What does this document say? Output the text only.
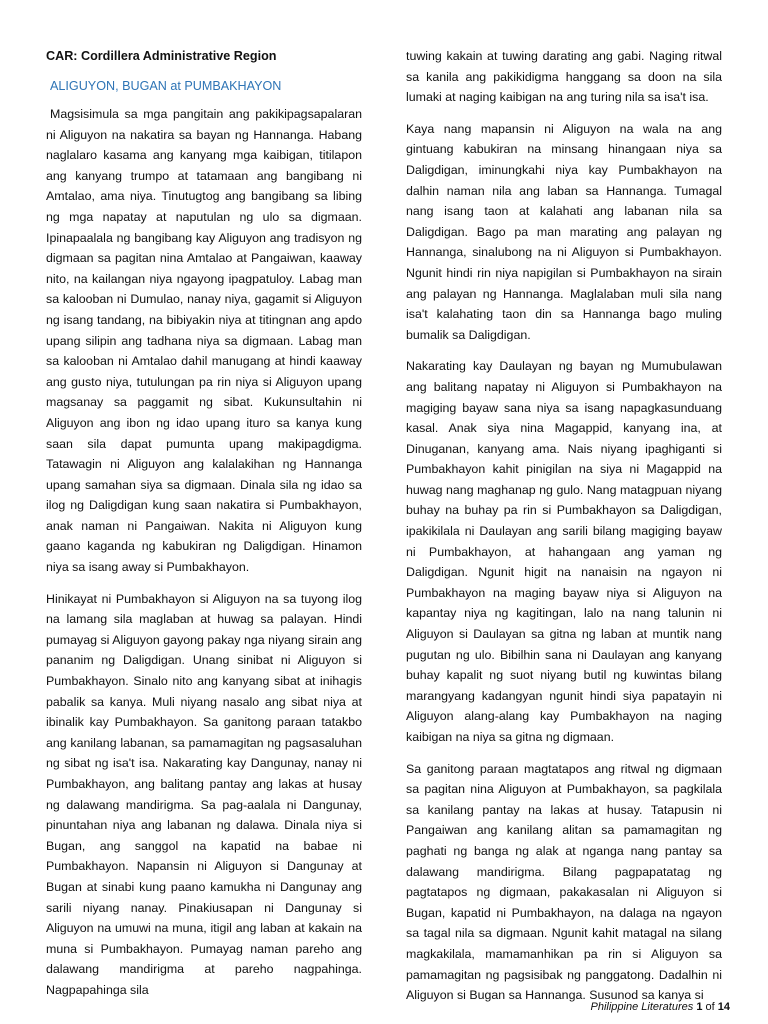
CAR: Cordillera Administrative Region
ALIGUYON, BUGAN at PUMBAKHAYON

Magsisimula sa mga pangitain ang pakikipagsapalaran ni Aliguyon na nakatira sa bayan ng Hannanga. Habang naglalaro kasama ang kanyang mga kaibigan, titilapon ang kanyang trumpo at tatamaan ang bangibang ni Amtalao, ama niya. Tinutugtog ang bangibang sa libing ng mga napatay at naputulan ng ulo sa digmaan. Ipinapaalala ng bangibang kay Aliguyon ang tradisyon ng digmaan sa pagitan nina Amtalao at Pangaiwan, kaaway nito, na kailangan niya ngayong ipagpatuloy. Labag man sa kalooban ni Dumulao, nanay niya, gagamit si Aliguyon ng isang tandang, na bibiyakin niya at titingnan ang apdo upang silipin ang tadhana niya sa digmaan. Labag man sa kalooban ni Amtalao dahil manugang at hindi kaaway ang gusto niya, tutulungan pa rin niya si Aliguyon upang magsanay sa paggamit ng sibat. Kukunsultahin ni Aliguyon ang ibon ng idao upang ituro sa kanya kung saan sila dapat pumunta upang makipagdigma. Tatawagin ni Aliguyon ang kalalakihan ng Hannanga upang samahan siya sa digmaan. Dinala sila ng idao sa ilog ng Daligdigan kung saan nakatira si Pumbakhayon, anak naman ni Pangaiwan. Nakita ni Aliguyon kung gaano kaganda ng kabukiran ng Daligdigan. Hinamon niya sa isang away si Pumbakhayon.

Hinikayat ni Pumbakhayon si Aliguyon na sa tuyong ilog na lamang sila maglaban at huwag sa palayan. Hindi pumayag si Aliguyon gayong pakay nga niyang sirain ang pananim ng Daligdigan. Unang sinibat ni Aliguyon si Pumbakhayon. Sinalo nito ang kanyang sibat at inihagis pabalik sa kanya. Muli niyang nasalo ang sibat niya at ibinalik kay Pumbakhayon. Sa ganitong paraan tatakbo ang kanilang labanan, sa pamamagitan ng pagsasaluhan ng sibat ng isa't isa. Nakarating kay Dangunay, nanay ni Pumbakhayon, ang balitang pantay ang lakas at husay ng dalawang mandirigma. Sa pag-aalala ni Dangunay, pinuntahan niya ang labanan ng dalawa. Dinala niya si Bugan, ang sanggol na kapatid na babae ni Pumbakhayon. Napansin ni Aliguyon si Dangunay at Bugan at sinabi kung paano kamukha ni Dangunay ang sarili niyang nanay. Pinakiusapan ni Dangunay si Aliguyon na umuwi na muna, itigil ang laban at kakain na muna si Pumbakhayon. Pumayag naman pareho ang dalawang mandirigma at pareho nagpahinga. Nagpapahinga sila

tuwing kakain at tuwing darating ang gabi. Naging ritwal sa kanila ang pakikidigma hanggang sa doon na sila lumaki at naging kaibigan na ang turing nila sa isa't isa.

Kaya nang mapansin ni Aliguyon na wala na ang gintuang kabukiran na minsang hinangaan niya sa Daligdigan, iminungkahi niya kay Pumbakhayon na dalhin naman nila ang laban sa Hannanga. Tumagal nang isang taon at kalahati ang labanan nila sa Daligdigan. Bago pa man marating ang palayan ng Hannanga, sinalubong na ni Aliguyon si Pumbakhayon. Ngunit hindi rin niya napigilan si Pumbakhayon na sirain ang palayan ng Hannanga. Maglalaban muli sila nang isa't kalahating taon din sa Hannanga bago muling bumalik sa Daligdigan.

Nakarating kay Daulayan ng bayan ng Mumubulawan ang balitang napatay ni Aliguyon si Pumbakhayon na magiging bayaw sana niya sa isang napagkasunduang kasal. Anak siya nina Magappid, kanyang ina, at Dinuganan, kanyang ama. Nais niyang ipaghiganti si Pumbakhayon kahit pinigilan na siya ni Magappid na huwag nang maghanap ng gulo. Nang matagpuan niyang buhay na buhay pa rin si Pumbakhayon sa Daligdigan, ipakikilala ni Daulayan ang sarili bilang magiging bayaw ni Pumbakhayon, at hahangaan ang yaman ng Daligdigan. Ngunit higit na nanaisin na ngayon ni Pumbakhayon na maging bayaw niya si Aliguyon na kapantay niya ng kagitingan, lalo na nang talunin ni Aliguyon si Daulayan sa gitna ng laban at muntik nang pugutan ng ulo. Bibilhin sana ni Daulayan ang kanyang buhay kapalit ng suot niyang butil ng kuwintas bilang marangyang kadangyan ngunit hindi siya papatayin ni Aliguyon alang-alang kay Pumbakhayon na naging kaibigan na niya sa gitna ng digmaan.

Sa ganitong paraan magtatapos ang ritwal ng digmaan sa pagitan nina Aliguyon at Pumbakhayon, sa pagkilala sa kanilang pantay na lakas at husay. Tatapusin ni Pangaiwan ang kanilang alitan sa pamamagitan ng paghati ng banga ng alak at nganga nang pantay sa dalawang mandirigma. Bilang pagpapatatag ng pagtatapos ng digmaan, pakakasalan ni Aliguyon si Bugan, kapatid ni Pumbakhayon, na dalaga na ngayon sa tagal nila sa digmaan. Ngunit kahit matagal na silang magkakilala, mamamanhikan pa rin si Aliguyon sa pamamagitan ng pagsisibak ng panggatong. Dadalhin ni Aliguyon si Bugan sa Hannanga. Susunod sa kanya si

Philippine Literatures 1 of 14
